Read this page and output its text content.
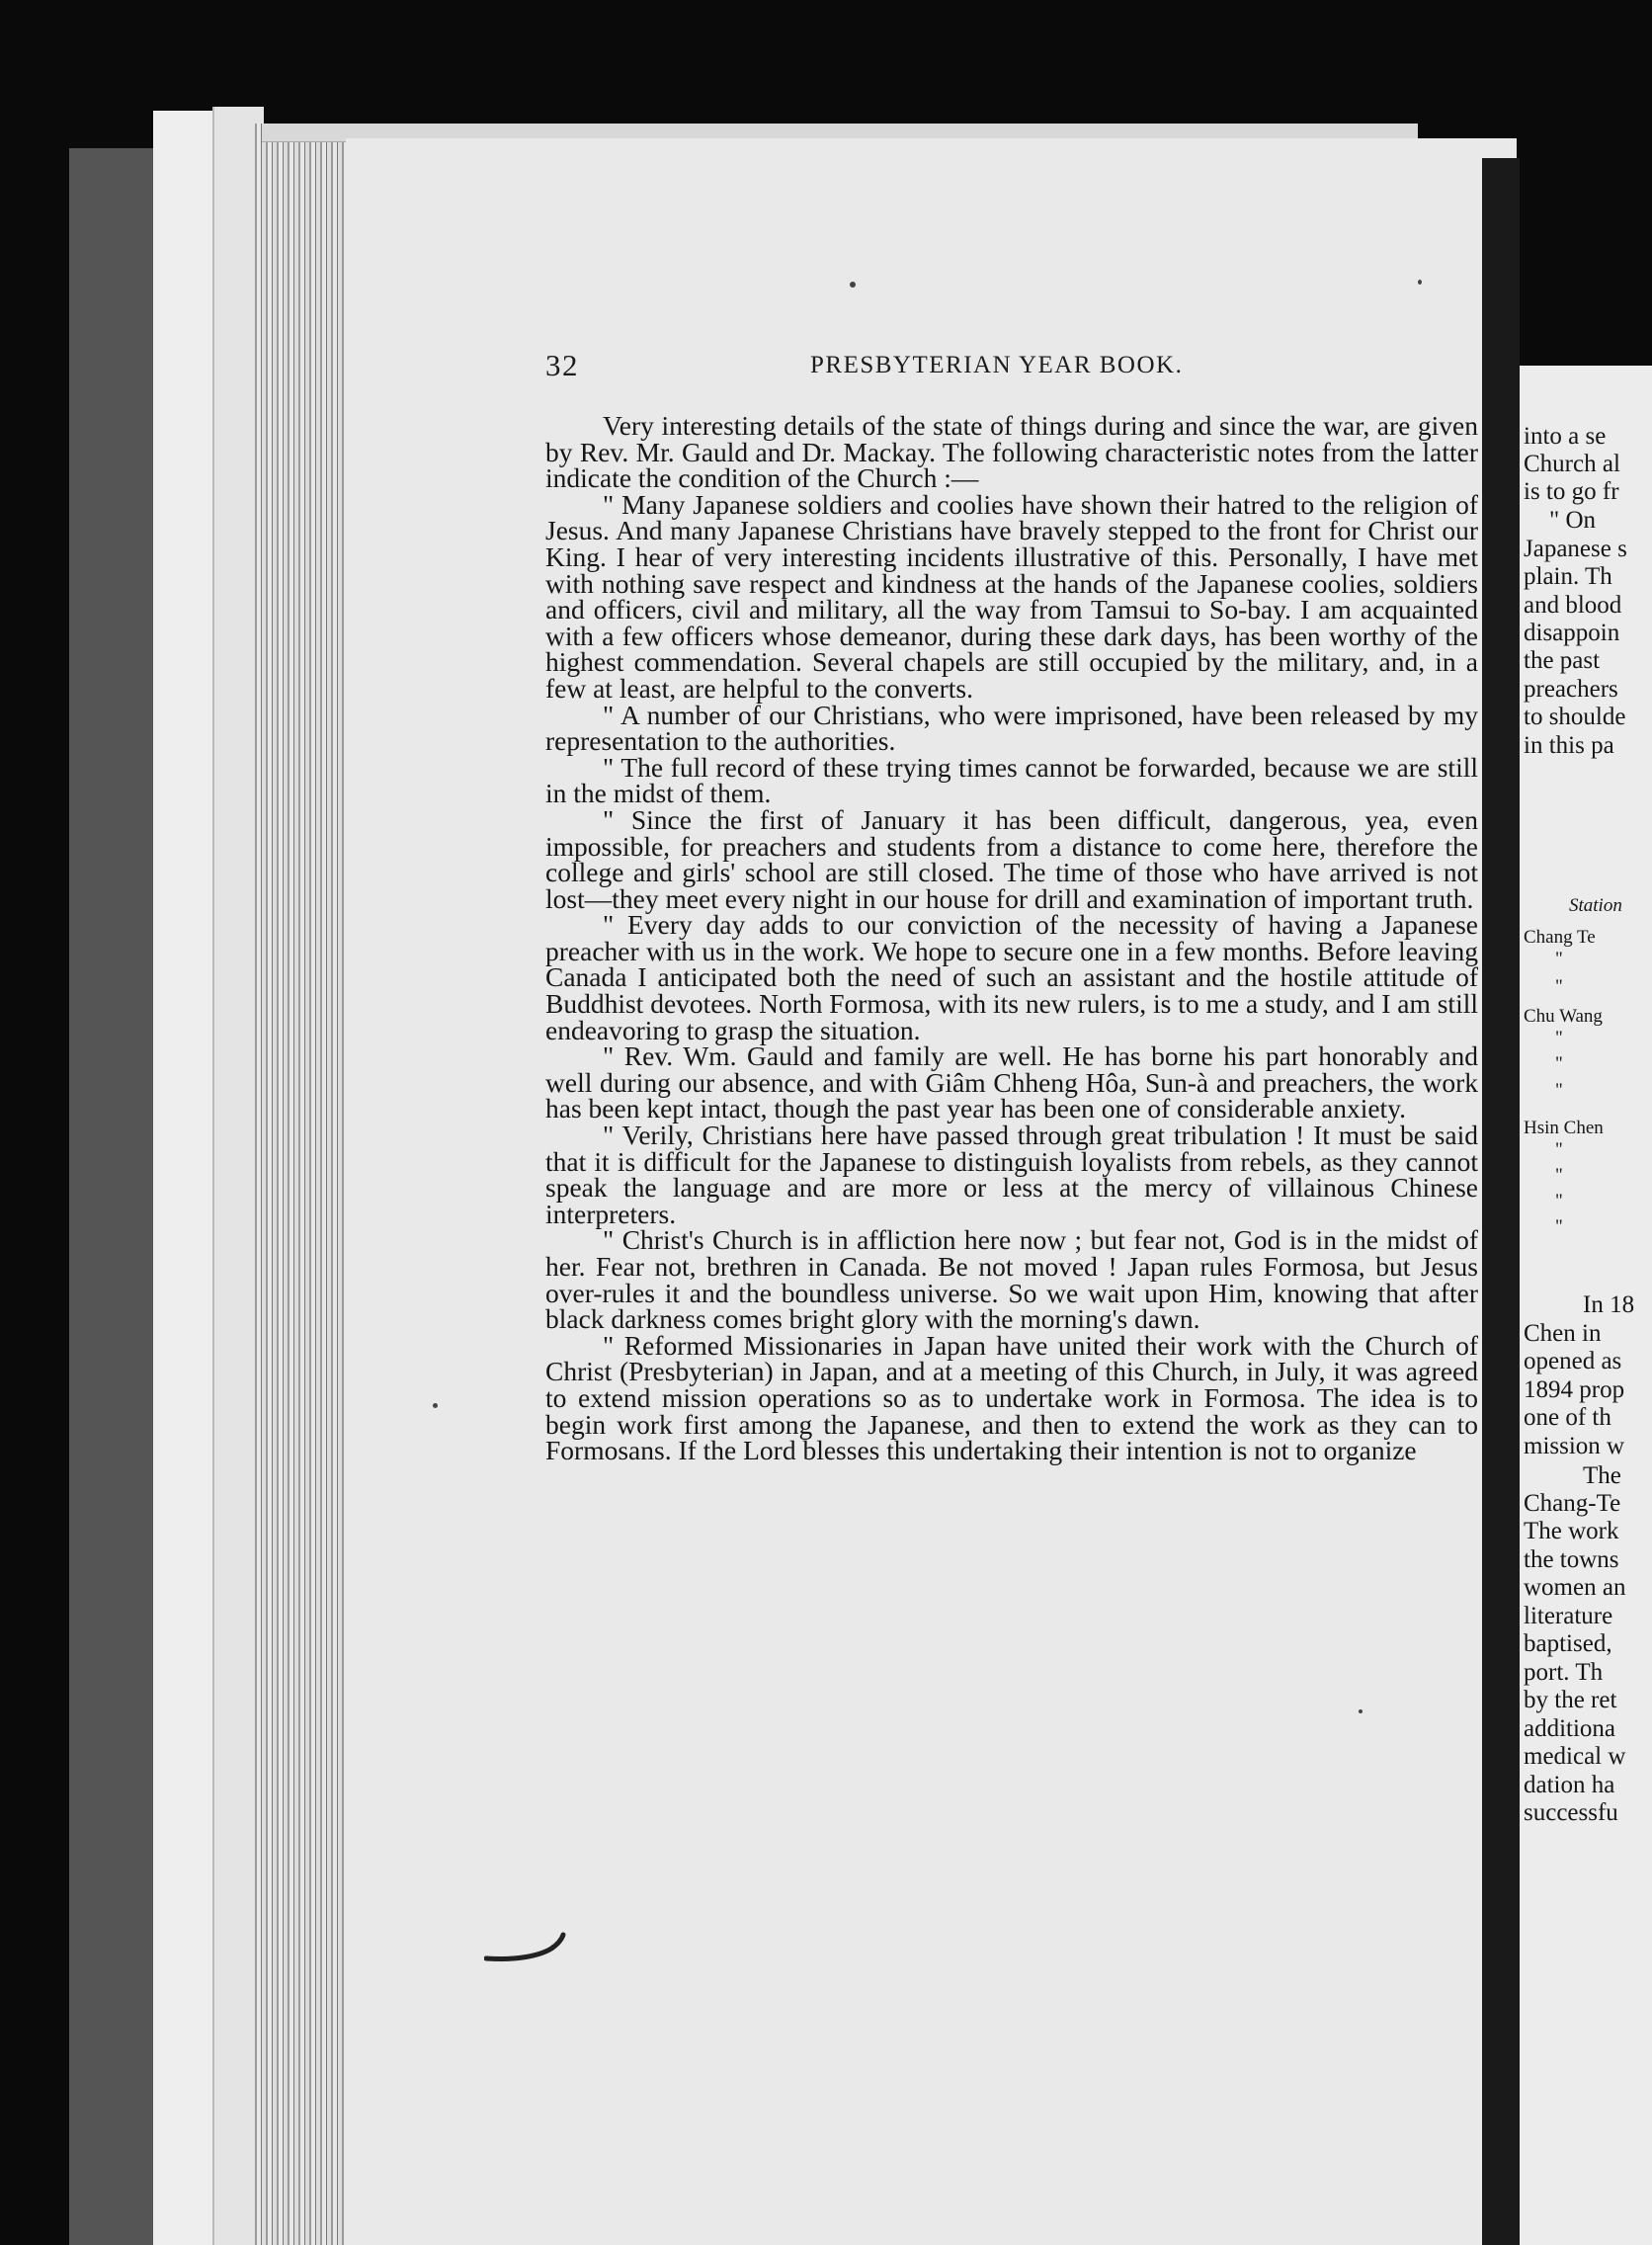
32	PRESBYTERIAN YEAR BOOK.

Very interesting details of the state of things during and since the war, are given by Rev. Mr. Gauld and Dr. Mackay. The following characteristic notes from the latter indicate the condition of the Church :—

" Many Japanese soldiers and coolies have shown their hatred to the religion of Jesus. And many Japanese Christians have bravely stepped to the front for Christ our King. I hear of very interesting incidents illustrative of this. Personally, I have met with nothing save respect and kindness at the hands of the Japanese coolies, soldiers and officers, civil and military, all the way from Tamsui to So-bay. I am acquainted with a few officers whose demeanor, during these dark days, has been worthy of the highest commendation. Several chapels are still occupied by the military, and, in a few at least, are helpful to the converts.

" A number of our Christians, who were imprisoned, have been released by my representation to the authorities.

" The full record of these trying times cannot be forwarded, because we are still in the midst of them.

" Since the first of January it has been difficult, dangerous, yea, even impossible, for preachers and students from a distance to come here, therefore the college and girls' school are still closed. The time of those who have arrived is not lost—they meet every night in our house for drill and examination of important truth.

" Every day adds to our conviction of the necessity of having a Japanese preacher with us in the work. We hope to secure one in a few months. Before leaving Canada I anticipated both the need of such an assistant and the hostile attitude of Buddhist devotees. North Formosa, with its new rulers, is to me a study, and I am still endeavoring to grasp the situation.

" Rev. Wm. Gauld and family are well. He has borne his part honorably and well during our absence, and with Giâm Chheng Hôa, Sun-à and preachers, the work has been kept intact, though the past year has been one of considerable anxiety.

" Verily, Christians here have passed through great tribulation ! It must be said that it is difficult for the Japanese to distinguish loyalists from rebels, as they cannot speak the language and are more or less at the mercy of villainous Chinese interpreters.

" Christ's Church is in affliction here now ; but fear not, God is in the midst of her. Fear not, brethren in Canada. Be not moved ! Japan rules Formosa, but Jesus over-rules it and the boundless universe. So we wait upon Him, knowing that after black darkness comes bright glory with the morning's dawn.

" Reformed Missionaries in Japan have united their work with the Church of Christ (Presbyterian) in Japan, and at a meeting of this Church, in July, it was agreed to extend mission operations so as to undertake work in Formosa. The idea is to begin work first among the Japanese, and then to extend the work as they can to Formosans. If the Lord blesses this undertaking their intention is not to organize

into a se
Church al
is to go fr
" On
Japanese s
plain. Th
and blood
disappoin
the past
preachers
to shoulde
in this pa
Station
Chang Te
"
"
Chu Wang
"
"
"
Hsin Chen
"
"
"
"
In 18
Chen in
opened as
1894 prop
one of th
mission w
The
Chang-Te
The work
the towns
women an
literature
baptised,
port. Th
by the ret
additiona
medical w
dation ha
successfu
